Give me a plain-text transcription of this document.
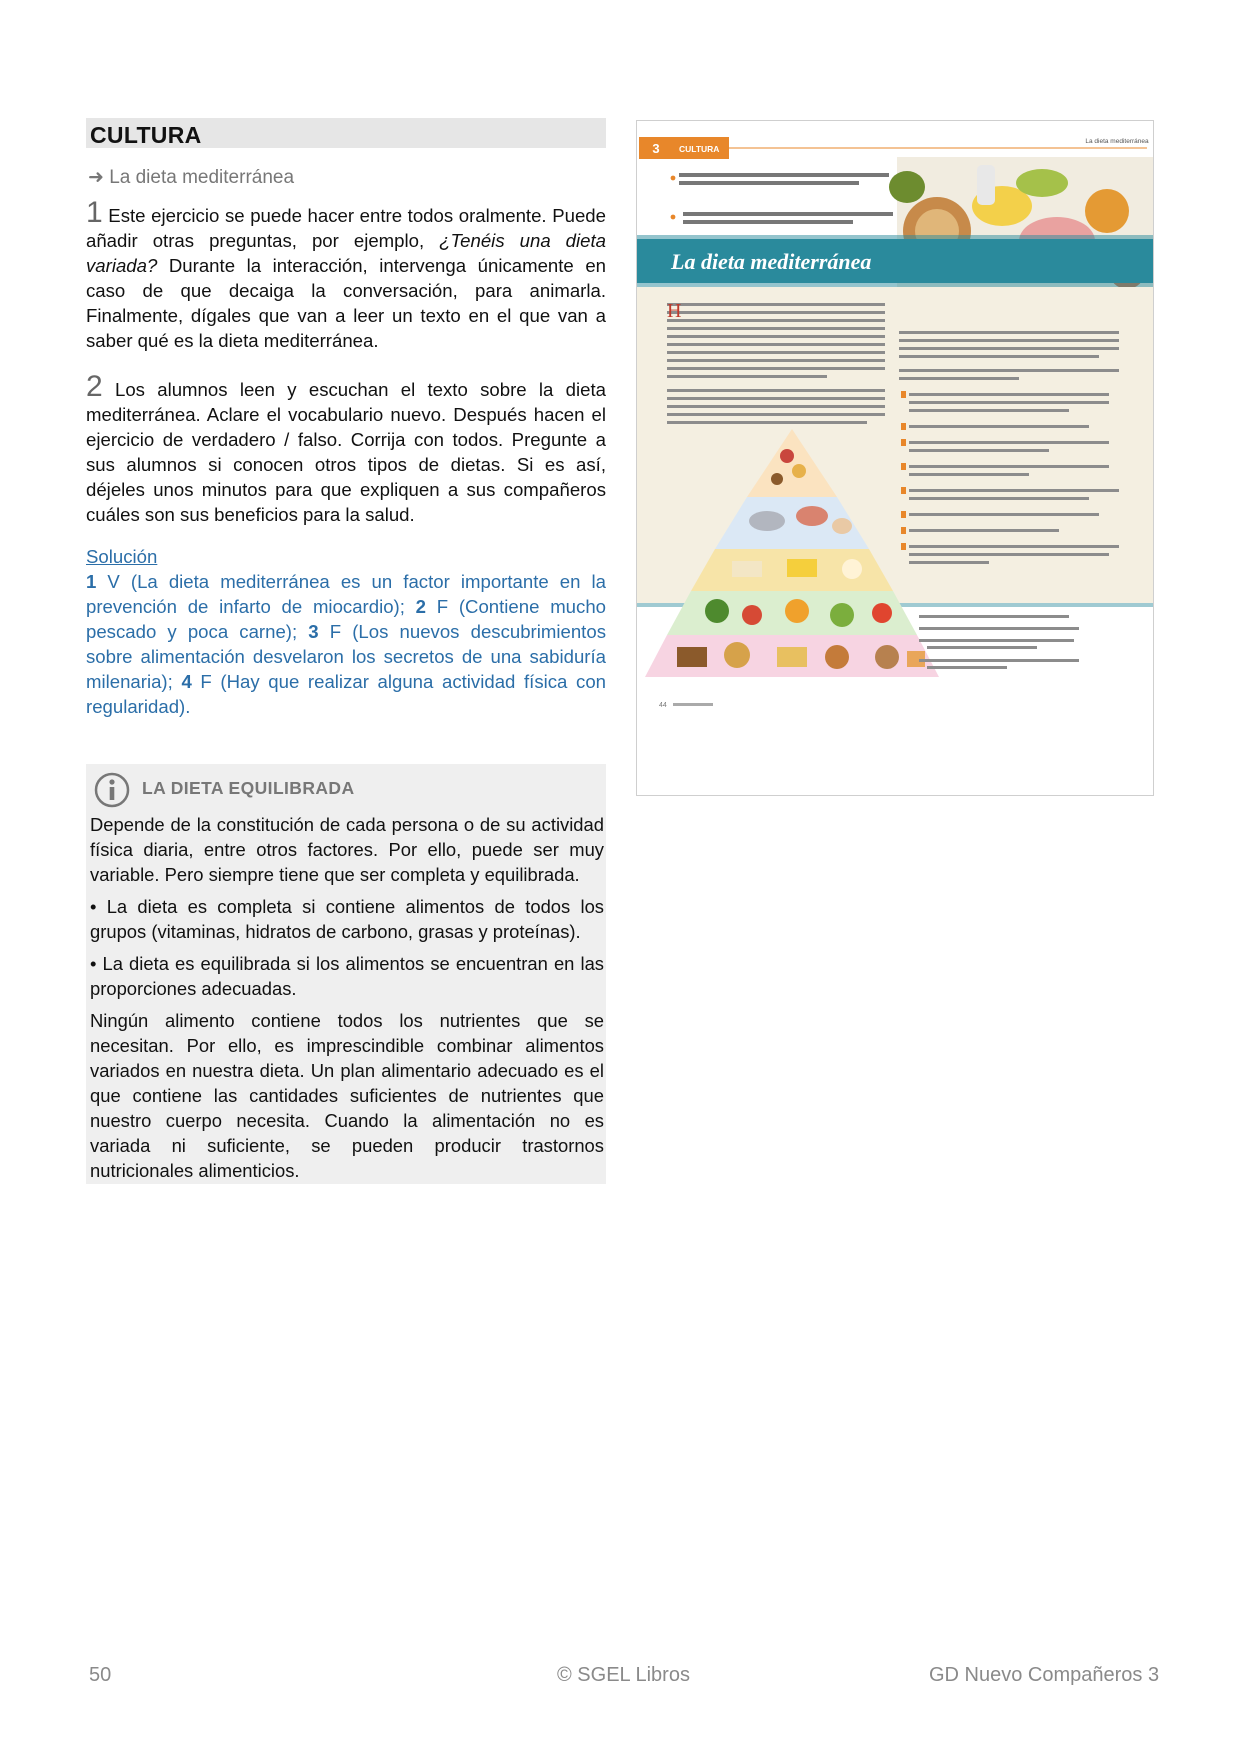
CULTURA
➜ La dieta mediterránea

1 Este ejercicio se puede hacer entre todos oralmente. Puede añadir otras preguntas, por ejemplo, ¿Tenéis una dieta variada? Durante la interacción, intervenga únicamente en caso de que decaiga la conversación, para animarla. Finalmente, dígales que van a leer un texto en el que van a saber qué es la dieta mediterránea.

2 Los alumnos leen y escuchan el texto sobre la dieta mediterránea. Aclare el vocabulario nuevo. Después hacen el ejercicio de verdadero / falso. Corrija con todos. Pregunte a sus alumnos si conocen otros tipos de dietas. Si es así, déjeles unos minutos para que expliquen a sus compañeros cuáles son sus beneficios para la salud.

Solución

1 V (La dieta mediterránea es un factor importante en la prevención de infarto de miocardio); 2 F (Contiene mucho pescado y poca carne); 3 F (Los nuevos descubrimientos sobre alimentación desvelaron los secretos de una sabiduría milenaria); 4 F (Hay que realizar alguna actividad física con regularidad).

LA DIETA EQUILIBRADA

Depende de la constitución de cada persona o de su actividad física diaria, entre otros factores. Por ello, puede ser muy variable. Pero siempre tiene que ser completa y equilibrada.

• La dieta es completa si contiene alimentos de todos los grupos (vitaminas, hidratos de carbono, grasas y proteínas).

• La dieta es equilibrada si los alimentos se encuentran en las proporciones adecuadas.

Ningún alimento contiene todos los nutrientes que se necesitan. Por ello, es imprescindible combinar alimentos variados en nuestra dieta. Un plan alimentario adecuado es el que contiene las cantidades suficientes de nutrientes que nuestro cuerpo necesita. Cuando la alimentación no es variada ni suficiente, se pueden producir trastornos nutricionales alimenticios.

3 CULTURA
La dieta mediterránea
La dieta mediterránea
H
44
50	© SGEL Libros	GD Nuevo Compañeros 3
